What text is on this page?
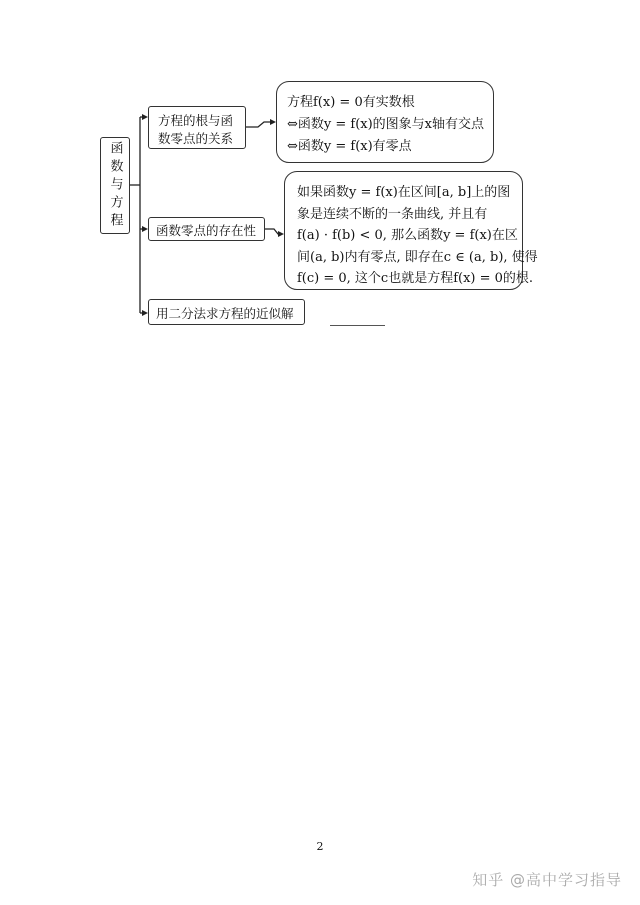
函数与方程
方程的根与函
数零点的关系
函数零点的存在性
用二分法求方程的近似解
方程f(x) = 0有实数根
⇔函数y = f(x)的图象与x轴有交点
⇔函数y = f(x)有零点
如果函数y = f(x)在区间[a, b]上的图
象是连续不断的一条曲线, 并且有
f(a) · f(b) < 0, 那么函数y = f(x)在区
间(a, b)内有零点, 即存在c ∈ (a, b), 使得
f(c) = 0, 这个c也就是方程f(x) = 0的根.
2
知乎 @高中学习指导
